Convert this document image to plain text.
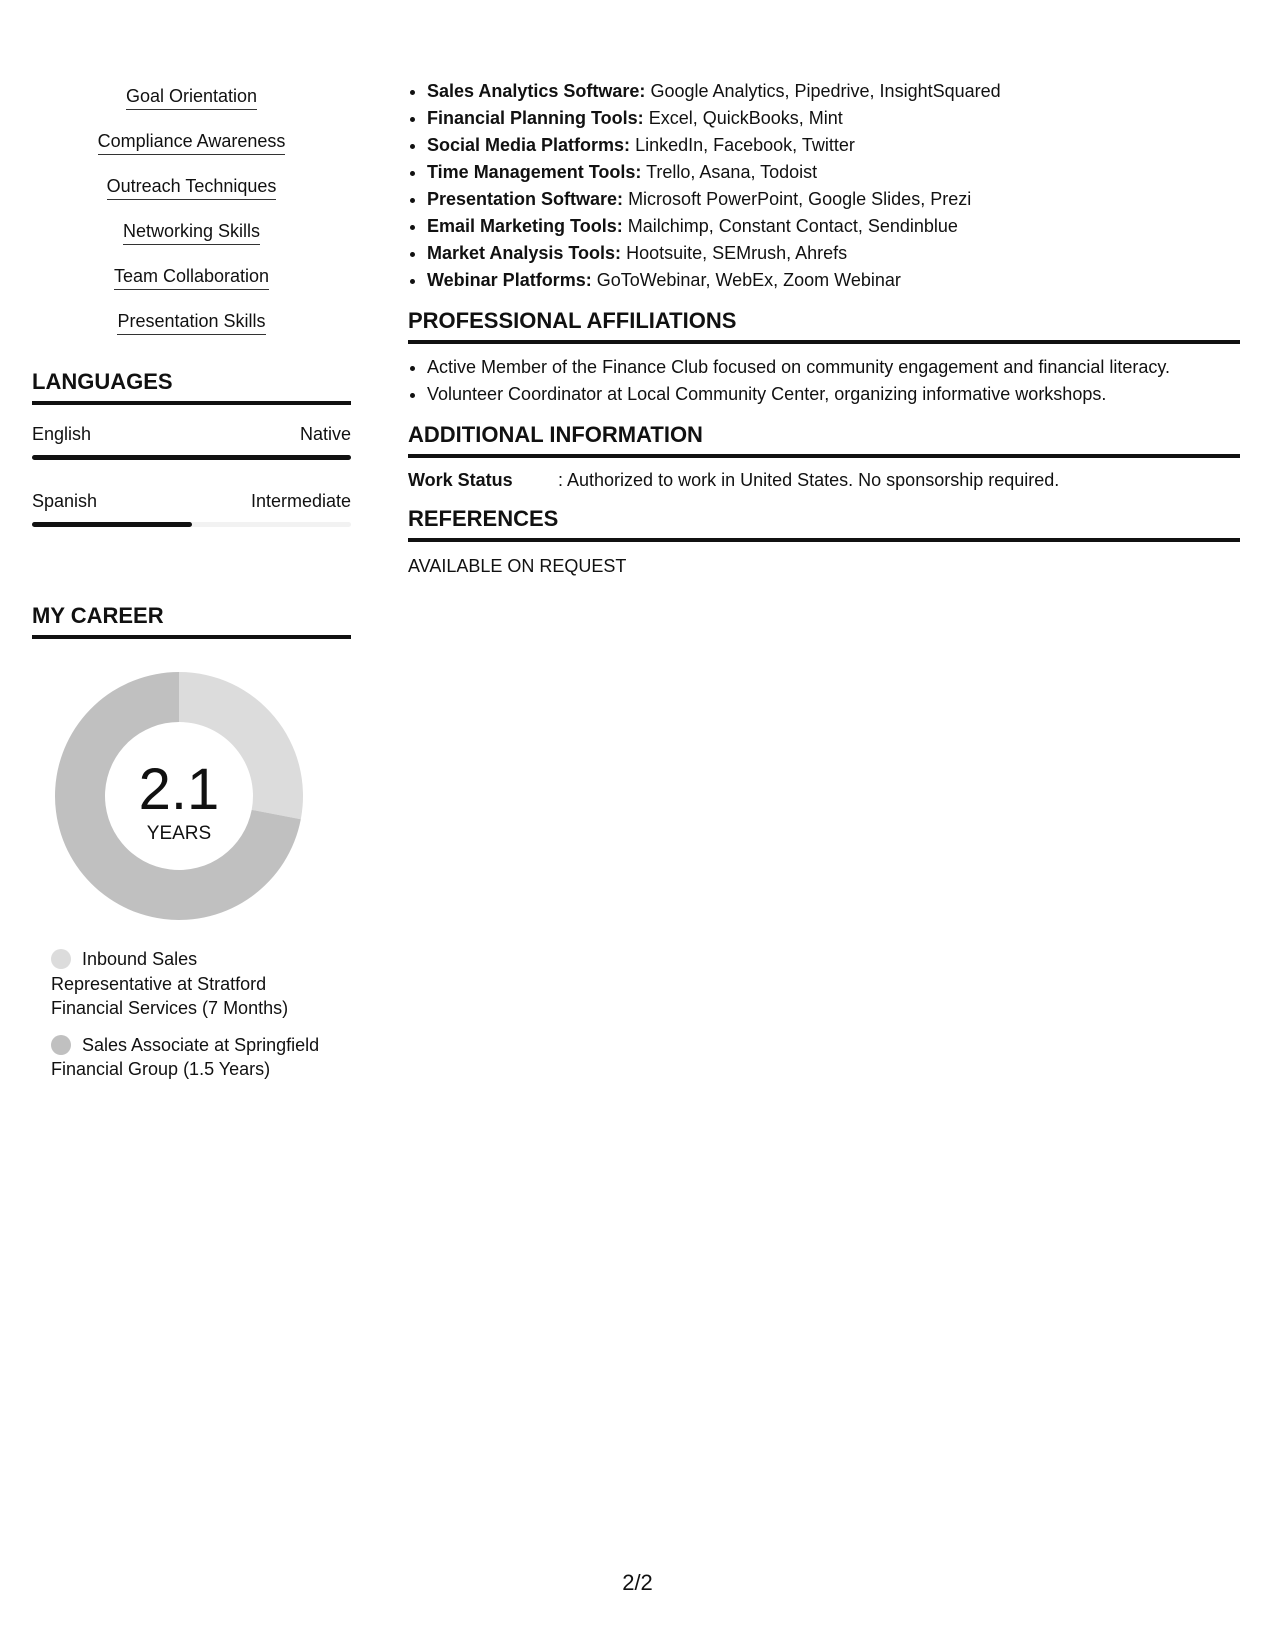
Goal Orientation
Compliance Awareness
Outreach Techniques
Networking Skills
Team Collaboration
Presentation Skills
LANGUAGES
English	Native
Spanish	Intermediate
MY CAREER
2.1
YEARS
Inbound Sales Representative at Stratford Financial Services (7 Months)
Sales Associate at Springfield Financial Group (1.5 Years)
• Sales Analytics Software: Google Analytics, Pipedrive, InsightSquared
• Financial Planning Tools: Excel, QuickBooks, Mint
• Social Media Platforms: LinkedIn, Facebook, Twitter
• Time Management Tools: Trello, Asana, Todoist
• Presentation Software: Microsoft PowerPoint, Google Slides, Prezi
• Email Marketing Tools: Mailchimp, Constant Contact, Sendinblue
• Market Analysis Tools: Hootsuite, SEMrush, Ahrefs
• Webinar Platforms: GoToWebinar, WebEx, Zoom Webinar
PROFESSIONAL AFFILIATIONS
• Active Member of the Finance Club focused on community engagement and financial literacy.
• Volunteer Coordinator at Local Community Center, organizing informative workshops.
ADDITIONAL INFORMATION
Work Status	: Authorized to work in United States. No sponsorship required.
REFERENCES
AVAILABLE ON REQUEST
2/2
